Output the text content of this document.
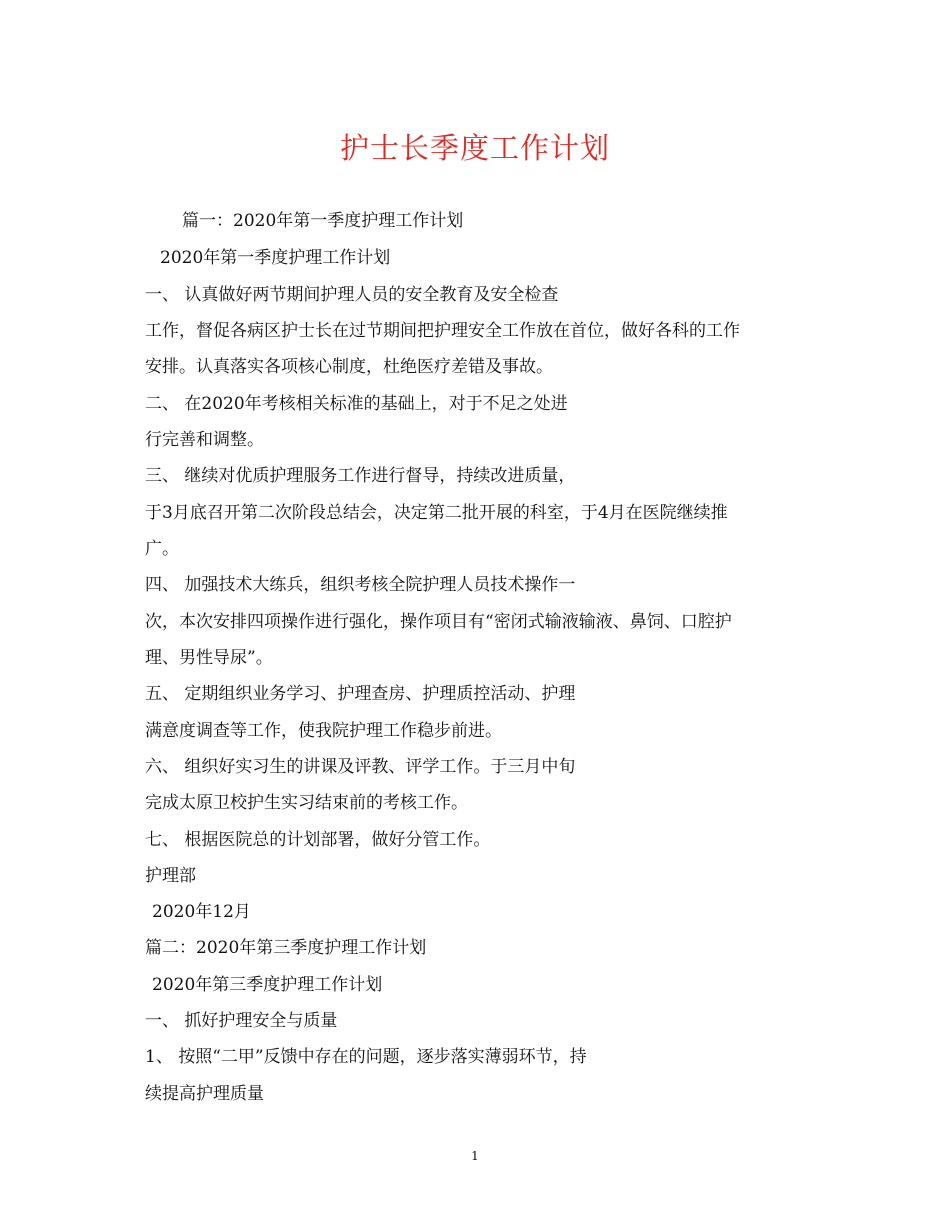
护士长季度工作计划
篇一：2020年第一季度护理工作计划
2020年第一季度护理工作计划
一、 认真做好两节期间护理人员的安全教育及安全检查
工作，督促各病区护士长在过节期间把护理安全工作放在首位，做好各科的工作
安排。认真落实各项核心制度，杜绝医疗差错及事故。
二、 在2020年考核相关标准的基础上，对于不足之处进
行完善和调整。
三、 继续对优质护理服务工作进行督导，持续改进质量，
于3月底召开第二次阶段总结会，决定第二批开展的科室，于4月在医院继续推
广。
四、 加强技术大练兵，组织考核全院护理人员技术操作一
次，本次安排四项操作进行强化，操作项目有“密闭式输液输液、鼻饲、口腔护
理、男性导尿”。
五、 定期组织业务学习、护理查房、护理质控活动、护理
满意度调查等工作，使我院护理工作稳步前进。
六、 组织好实习生的讲课及评教、评学工作。于三月中旬
完成太原卫校护生实习结束前的考核工作。
七、 根据医院总的计划部署，做好分管工作。
护理部
2020年12月
篇二：2020年第三季度护理工作计划
2020年第三季度护理工作计划
一、 抓好护理安全与质量
1、 按照“二甲”反馈中存在的问题，逐步落实薄弱环节，持
续提高护理质量
1
